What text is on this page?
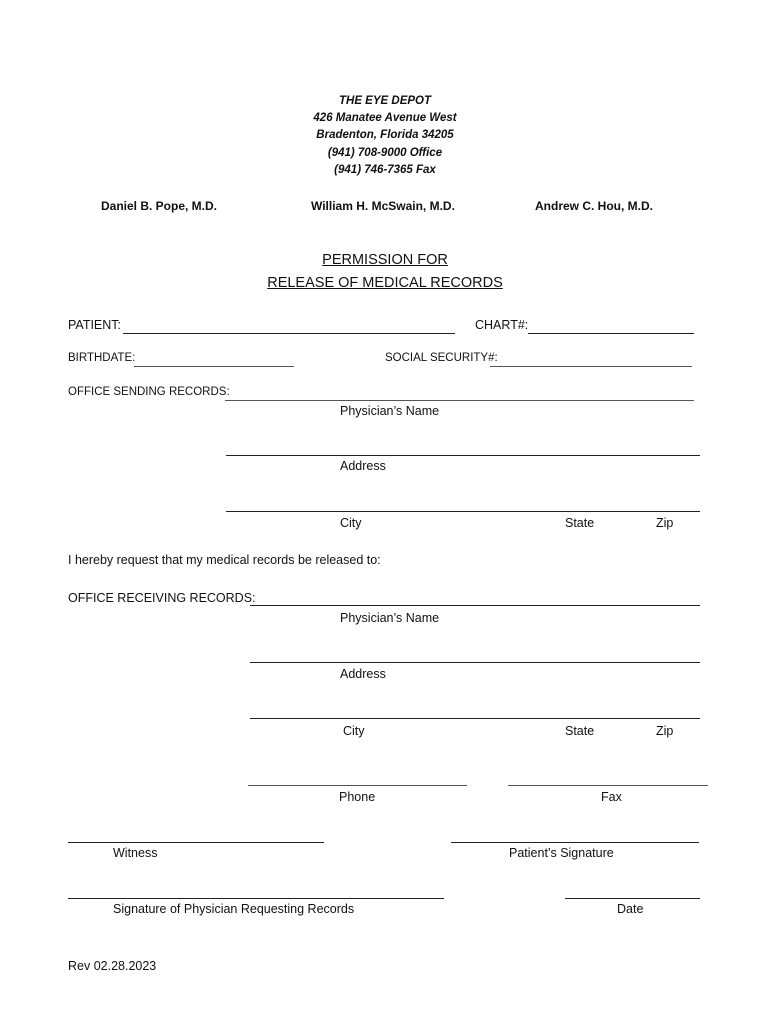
THE EYE DEPOT
426 Manatee Avenue West
Bradenton, Florida 34205
(941) 708-9000 Office
(941) 746-7365 Fax
Daniel B. Pope, M.D.	William H. McSwain, M.D.	Andrew C. Hou, M.D.
PERMISSION FOR
RELEASE OF MEDICAL RECORDS
PATIENT:	CHART#:
BIRTHDATE:	SOCIAL SECURITY#:
OFFICE SENDING RECORDS:
Physician’s Name
Address
City	State	Zip
I hereby request that my medical records be released to:
OFFICE RECEIVING RECORDS:
Physician’s Name
Address
City	State	Zip
Phone	Fax
Witness	Patient’s Signature
Signature of Physician Requesting Records	Date
Rev 02.28.2023
